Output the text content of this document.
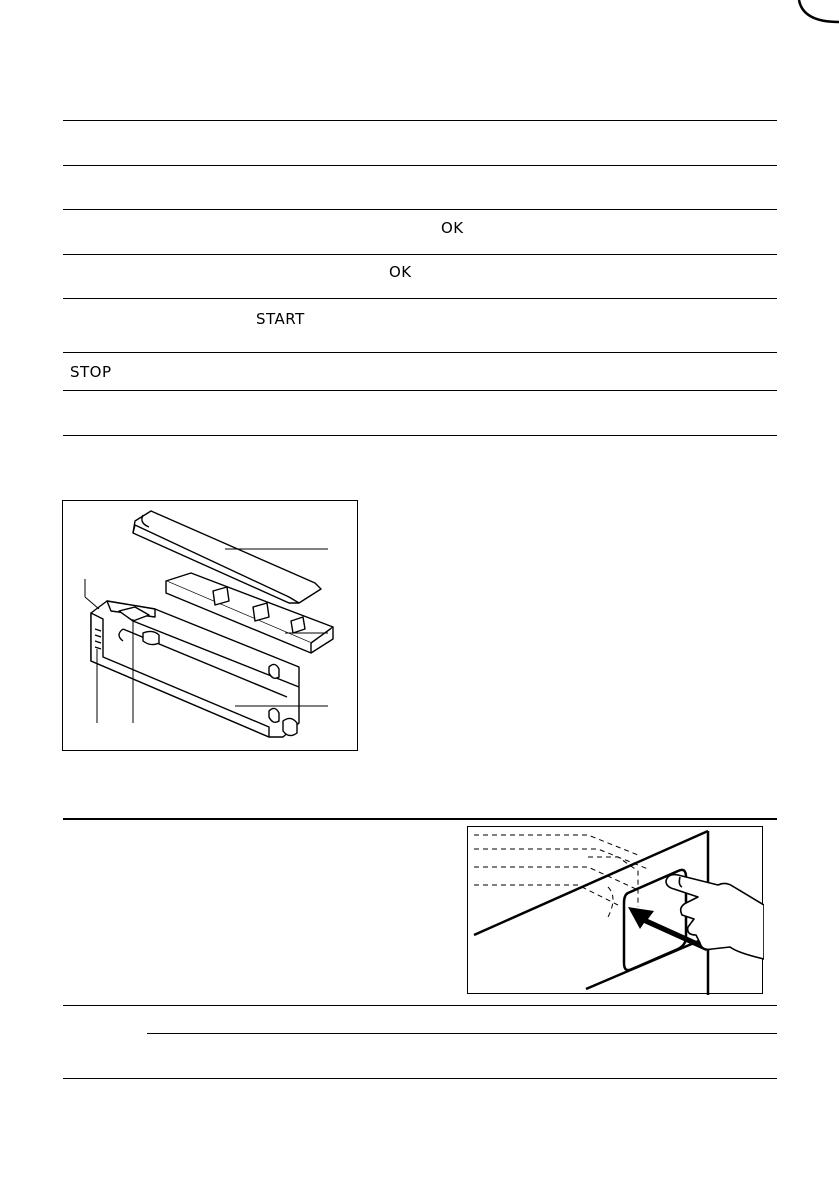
OK
OK
START
STOP
